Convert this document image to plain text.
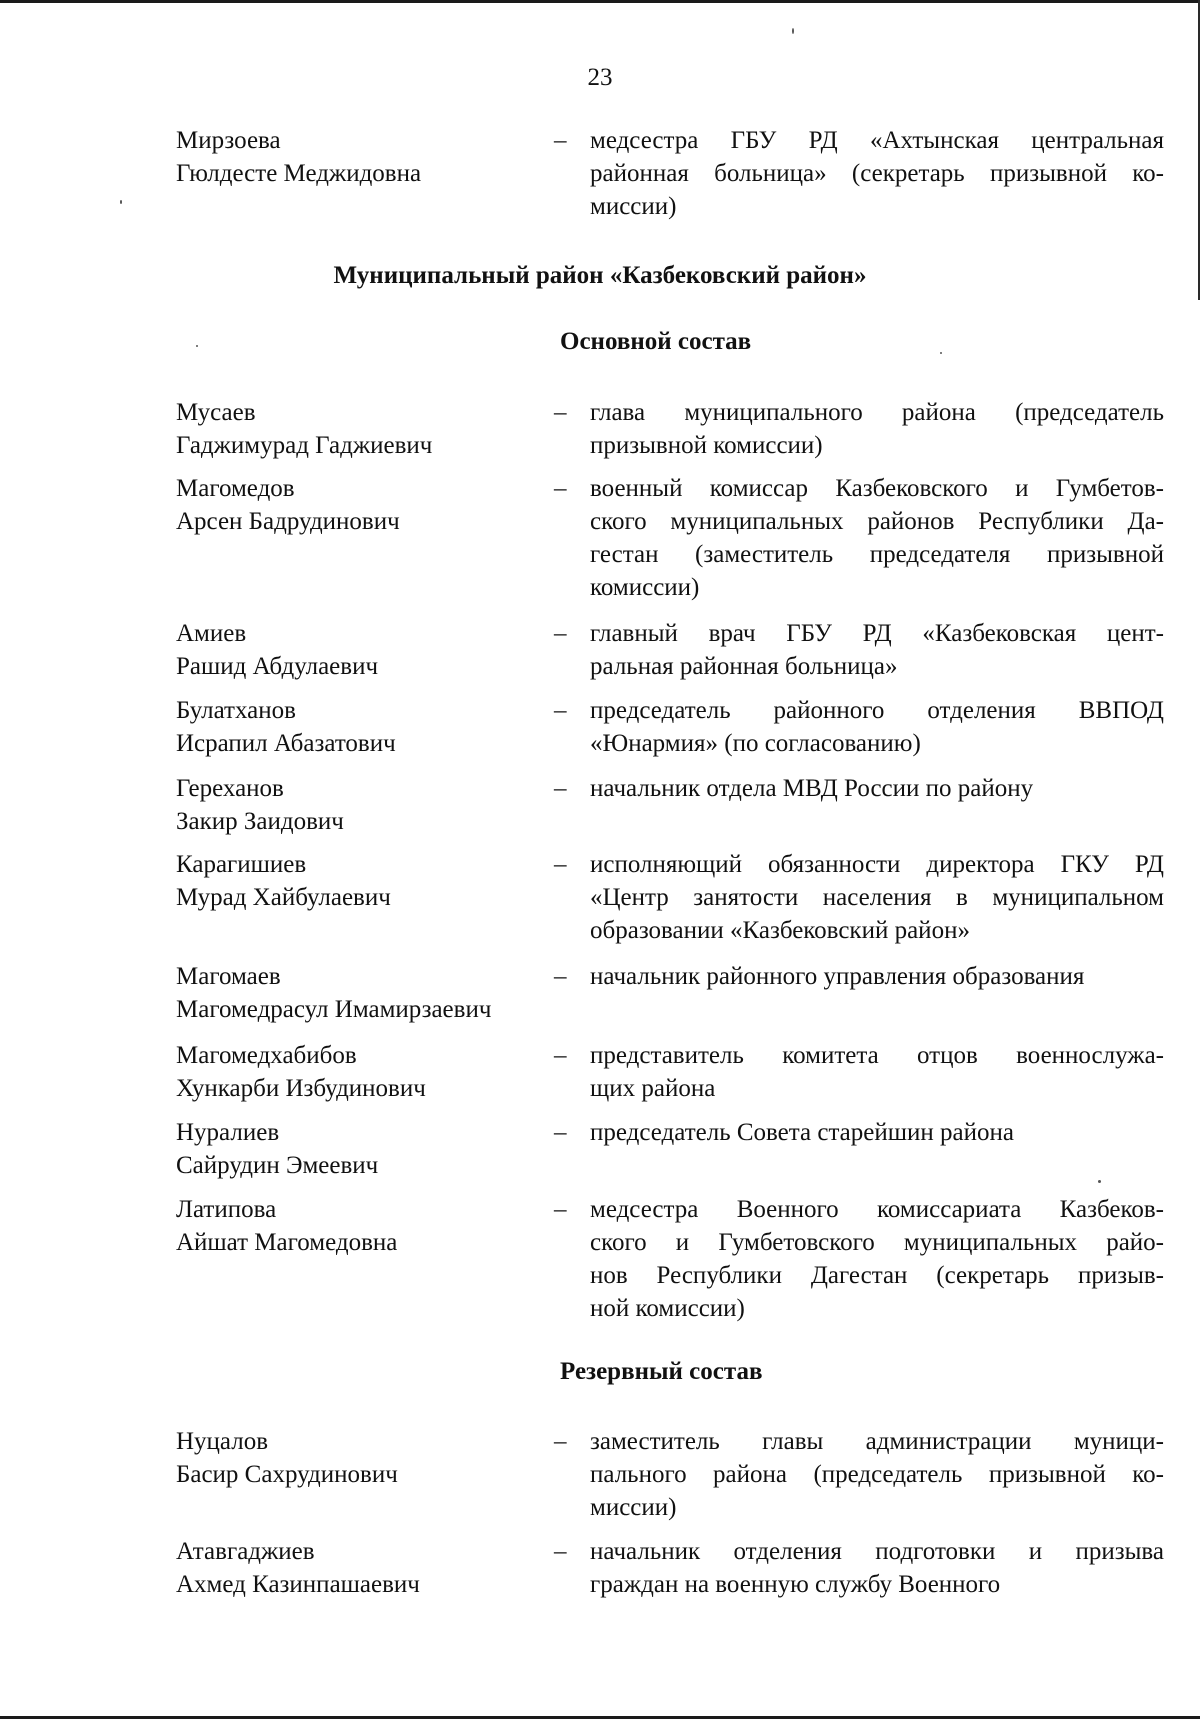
23
Мирзоева
Гюлдесте Меджидовна
– медсестра ГБУ РД «Ахтынская центральная
районная больница» (секретарь призывной ко-
миссии)
Муниципальный район «Казбековский район»
Основной состав
Мусаев
Гаджимурад Гаджиевич
– глава муниципального района (председатель
призывной комиссии)
Магомедов
Арсен Бадрудинович
– военный комиссар Казбековского и Гумбетов-
ского муниципальных районов Республики Да-
гестан (заместитель председателя призывной
комиссии)
Амиев
Рашид Абдулаевич
– главный врач ГБУ РД «Казбековская цент-
ральная районная больница»
Булатханов
Исрапил Абазатович
– председатель районного отделения ВВПОД
«Юнармия» (по согласованию)
Гереханов
Закир Заидович
– начальник отдела МВД России по району
Карагишиев
Мурад Хайбулаевич
– исполняющий обязанности директора ГКУ РД
«Центр занятости населения в муниципальном
образовании «Казбековский район»
Магомаев
Магомедрасул Имамирзаевич
– начальник районного управления образования
Магомедхабибов
Хункарби Избудинович
– представитель комитета отцов военнослужа-
щих района
Нуралиев
Сайрудин Эмеевич
– председатель Совета старейшин района
Латипова
Айшат Магомедовна
– медсестра Военного комиссариата Казбеков-
ского и Гумбетовского муниципальных райо-
нов Республики Дагестан (секретарь призыв-
ной комиссии)
Резервный состав
Нуцалов
Басир Сахрудинович
– заместитель главы администрации муници-
пального района (председатель призывной ко-
миссии)
Атавгаджиев
Ахмед Казинпашаевич
– начальник отделения подготовки и призыва
граждан на военную службу Военного
